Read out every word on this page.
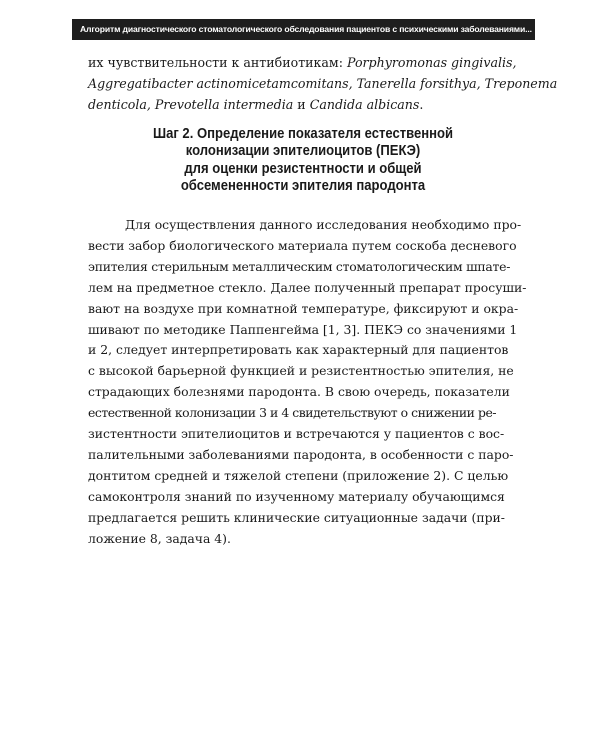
Алгоритм диагностического стоматологического обследования пациентов с психическими заболеваниями...
их чувствительности к антибиотикам: Porphyromonas gingivalis,
Aggregatibacter actinomicetamcomitans, Tanerella forsithya, Treponema
denticola, Prevotella intermedia и Candida albicans.
Шаг 2. Определение показателя естественной
колонизации эпителиоцитов (ПЕКЭ)
для оценки резистентности и общей
обсемененности эпителия пародонта
Для осуществления данного исследования необходимо про-
вести забор биологического материала путем соскоба десневого
эпителия стерильным металлическим стоматологическим шпате-
лем на предметное стекло. Далее полученный препарат просуши-
вают на воздухе при комнатной температуре, фиксируют и окра-
шивают по методике Паппенгейма [1, 3]. ПЕКЭ со значениями 1
и 2, следует интерпретировать как характерный для пациентов
с высокой барьерной функцией и резистентностью эпителия, не
страдающих болезнями пародонта. В свою очередь, показатели
естественной колонизации 3 и 4 свидетельствуют о снижении ре-
зистентности эпителиоцитов и встречаются у пациентов с вос-
палительными заболеваниями пародонта, в особенности с паро-
донтитом средней и тяжелой степени (приложение 2). С целью
самоконтроля знаний по изученному материалу обучающимся
предлагается решить клинические ситуационные задачи (при-
ложение 8, задача 4).
